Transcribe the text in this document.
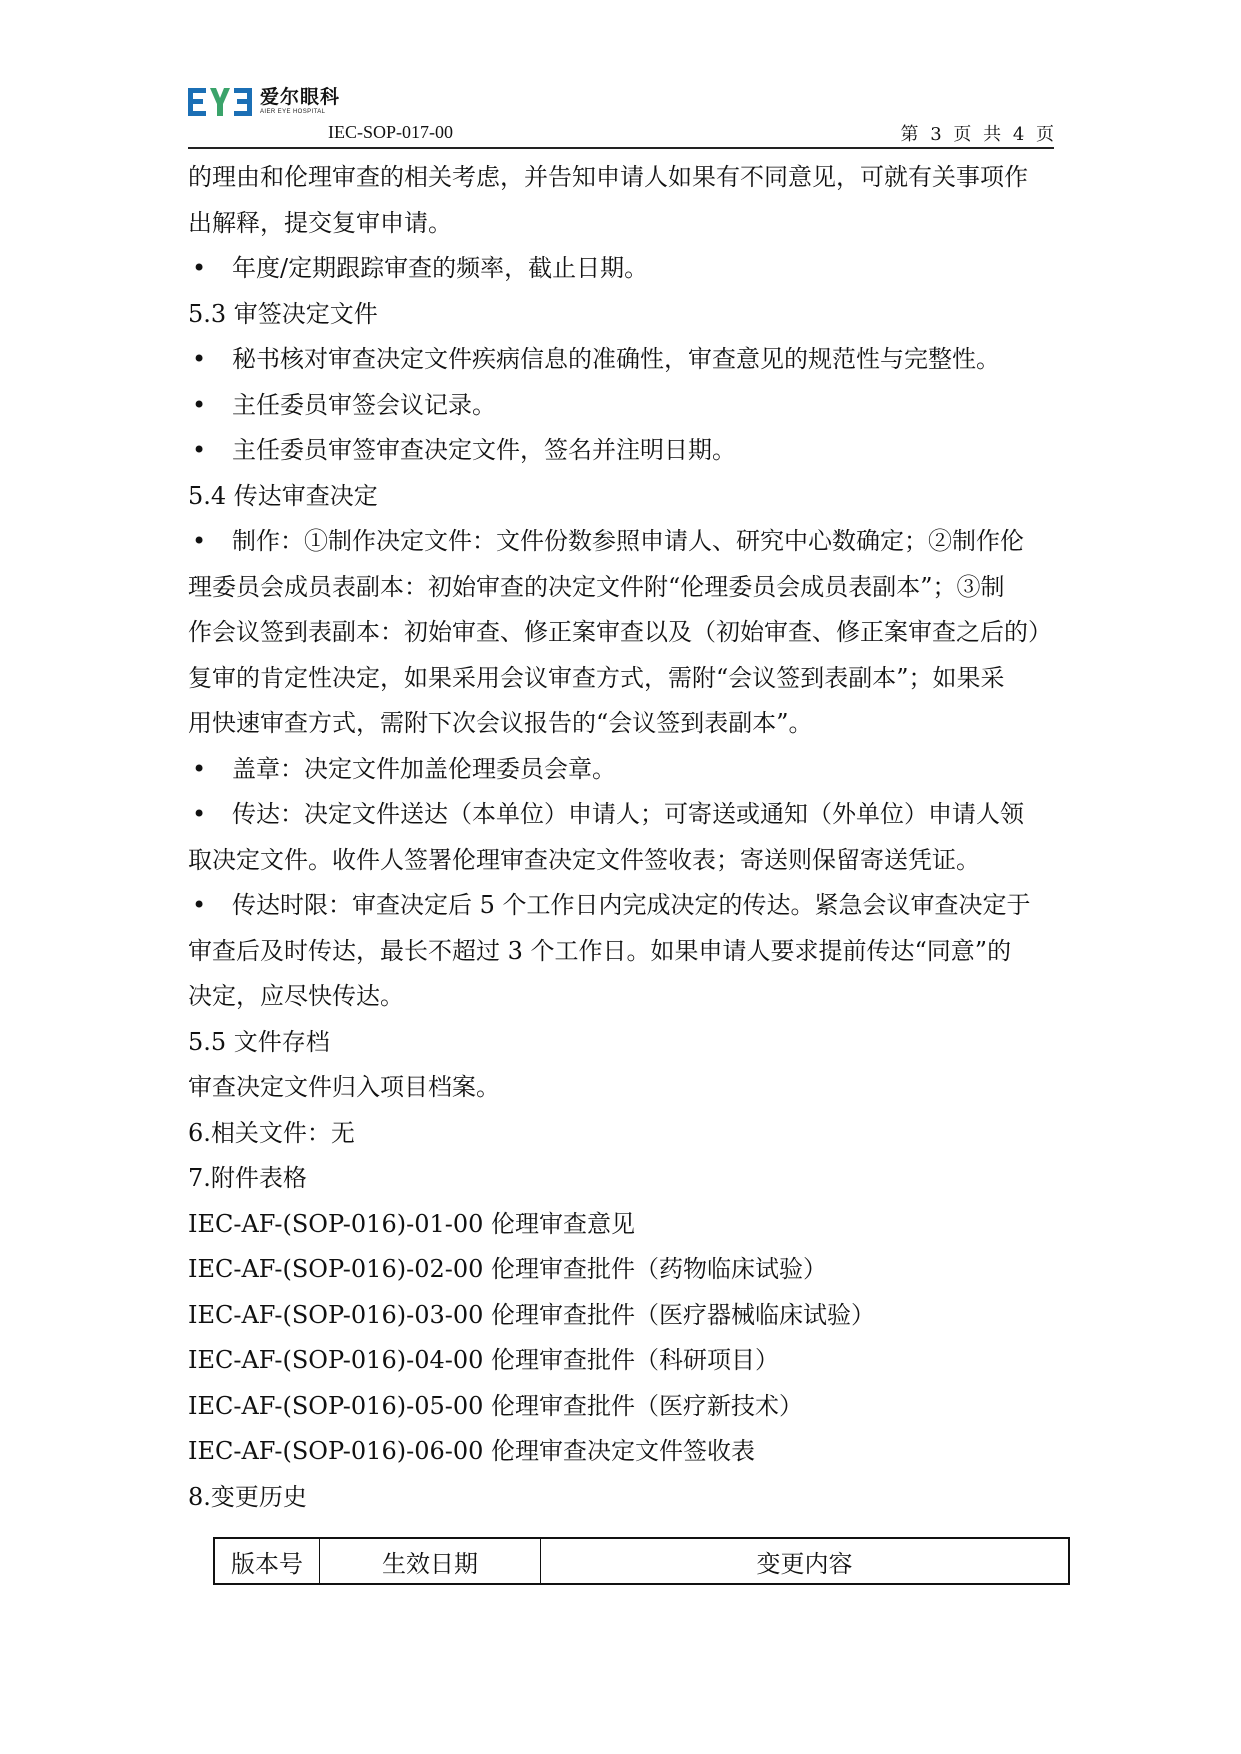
爱尔眼科
AIER EYE HOSPITAL
IEC-SOP-017-00	第 3 页 共 4 页
的理由和伦理审查的相关考虑，并告知申请人如果有不同意见，可就有关事项作
出解释，提交复审申请。
• 年度/定期跟踪审查的频率，截止日期。
5.3 审签决定文件
• 秘书核对审查决定文件疾病信息的准确性，审查意见的规范性与完整性。
• 主任委员审签会议记录。
• 主任委员审签审查决定文件，签名并注明日期。
5.4 传达审查决定
• 制作：①制作决定文件：文件份数参照申请人、研究中心数确定；②制作伦
理委员会成员表副本：初始审查的决定文件附“伦理委员会成员表副本”；③制
作会议签到表副本：初始审查、修正案审查以及（初始审查、修正案审查之后的）
复审的肯定性决定，如果采用会议审查方式，需附“会议签到表副本”；如果采
用快速审查方式，需附下次会议报告的“会议签到表副本”。
• 盖章：决定文件加盖伦理委员会章。
• 传达：决定文件送达（本单位）申请人；可寄送或通知（外单位）申请人领
取决定文件。收件人签署伦理审查决定文件签收表；寄送则保留寄送凭证。
• 传达时限：审查决定后 5 个工作日内完成决定的传达。紧急会议审查决定于
审查后及时传达，最长不超过 3 个工作日。如果申请人要求提前传达“同意”的
决定，应尽快传达。
5.5 文件存档
审查决定文件归入项目档案。
6.相关文件：无
7.附件表格
IEC-AF-(SOP-016)-01-00 伦理审查意见
IEC-AF-(SOP-016)-02-00 伦理审查批件（药物临床试验）
IEC-AF-(SOP-016)-03-00 伦理审查批件（医疗器械临床试验）
IEC-AF-(SOP-016)-04-00 伦理审查批件（科研项目）
IEC-AF-(SOP-016)-05-00 伦理审查批件（医疗新技术）
IEC-AF-(SOP-016)-06-00 伦理审查决定文件签收表
8.变更历史
版本号	生效日期	变更内容
